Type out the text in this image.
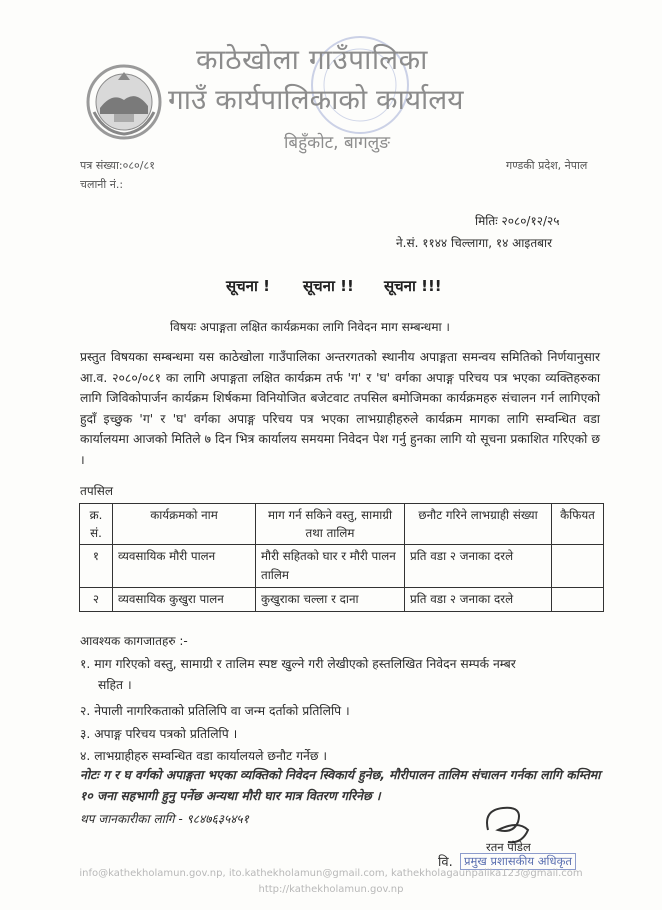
काठेखोला गाउँपालिका
गाउँ कार्यपालिकाको कार्यालय
बिहुँकोट, बागलुङ
पत्र संख्या:०८०/८१
चलानी नं.:
गण्डकी प्रदेश, नेपाल
मितिः २०८०/१२/२५
ने.सं. ११४४ चिल्लागा, १४ आइतबार
सूचना ! सूचना !! सूचना !!!
विषयः अपाङ्गता लक्षित कार्यक्रमका लागि निवेदन माग सम्बन्धमा ।
प्रस्तुत विषयका सम्बन्धमा यस काठेखोला गाउँपालिका अन्तरगतको स्थानीय अपाङ्गता समन्वय समितिको निर्णयानुसार आ.व. २०८०/०८१ का लागि अपाङ्गता लक्षित कार्यक्रम तर्फ 'ग' र 'घ' वर्गका अपाङ्ग परिचय पत्र भएका व्यक्तिहरुका लागि जिविकोपार्जन कार्यक्रम शिर्षकमा विनियोजित बजेटवाट तपसिल बमोजिमका कार्यक्रमहरु संचालन गर्न लागिएको हुदाँ इच्छुक 'ग' र 'घ' वर्गका अपाङ्ग परिचय पत्र भएका लाभग्राहीहरुले कार्यक्रम मागका लागि सम्वन्धित वडा कार्यालयमा आजको मितिले ७ दिन भित्र कार्यालय समयमा निवेदन पेश गर्नु हुनका लागि यो सूचना प्रकाशित गरिएको छ ।
तपसिल
क्र. सं.	कार्यक्रमको नाम	माग गर्न सकिने वस्तु, सामाग्री तथा तालिम	छनौट गरिने लाभग्राही संख्या	कैफियत
१	व्यवसायिक मौरी पालन	मौरी सहितको घार र मौरी पालन तालिम	प्रति वडा २ जनाका दरले	
२	व्यवसायिक कुखुरा पालन	कुखुराका चल्ला र दाना	प्रति वडा २ जनाका दरले	
आवश्यक कागजातहरु :-
१. माग गरिएको वस्तु, सामाग्री र तालिम स्पष्ट खुल्ने गरी लेखीएको हस्तलिखित निवेदन सम्पर्क नम्बर
सहित ।
२. नेपाली नागरिकताको प्रतिलिपि वा जन्म दर्ताको प्रतिलिपि ।
३. अपाङ्ग परिचय पत्रको प्रतिलिपि ।
४. लाभग्राहीहरु सम्वन्धित वडा कार्यालयले छनौट गर्नेछ ।
नोटः ग र घ वर्गको अपाङ्गता भएका व्यक्तिको निवेदन स्विकार्य हुनेछ, मौरीपालन तालिम संचालन गर्नका लागि कम्तिमा १० जना सहभागी हुनु पर्नेछ अन्यथा मौरी घार मात्र वितरण गरिनेछ ।
थप जानकारीका लागि - ९८४७६३५४५१
रतन पौडेल
वि. प्रमुख प्रशासकीय अधिकृत
info@kathekholamun.gov.np, ito.kathekholamun@gmail.com, kathekholagaunpalika123@gmail.com
http://kathekholamun.gov.np
